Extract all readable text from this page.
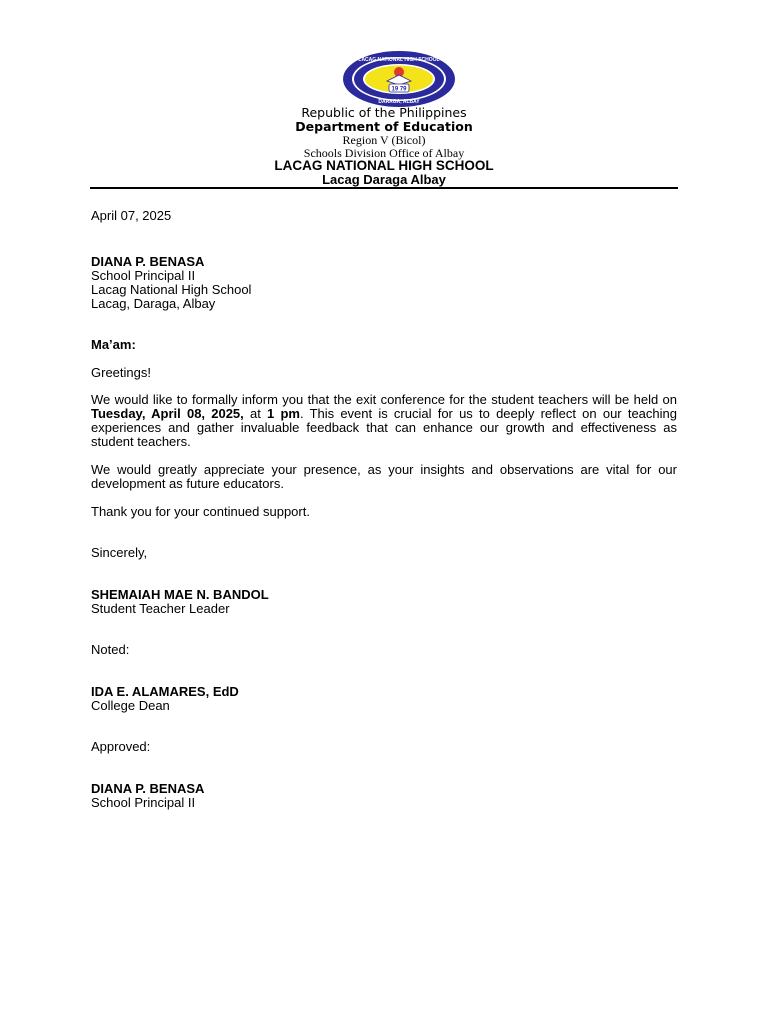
19 79
LACAG NATIONAL HIGH SCHOOL
DARAGA, ALBAY
Republic of the Philippines
Department of Education
Region V (Bicol)
Schools Division Office of Albay
LACAG NATIONAL HIGH SCHOOL
Lacag Daraga Albay
April 07, 2025
DIANA P. BENASA
School Principal II
Lacag National High School
Lacag, Daraga, Albay
Ma’am:
Greetings!
We would like to formally inform you that the exit conference for the student teachers will be held on Tuesday, April 08, 2025, at 1 pm. This event is crucial for us to deeply reflect on our teaching experiences and gather invaluable feedback that can enhance our growth and effectiveness as student teachers.
We would greatly appreciate your presence, as your insights and observations are vital for our development as future educators.
Thank you for your continued support.
Sincerely,
SHEMAIAH MAE N. BANDOL
Student Teacher Leader
Noted:
IDA E. ALAMARES, EdD
College Dean
Approved:
DIANA P. BENASA
School Principal II
